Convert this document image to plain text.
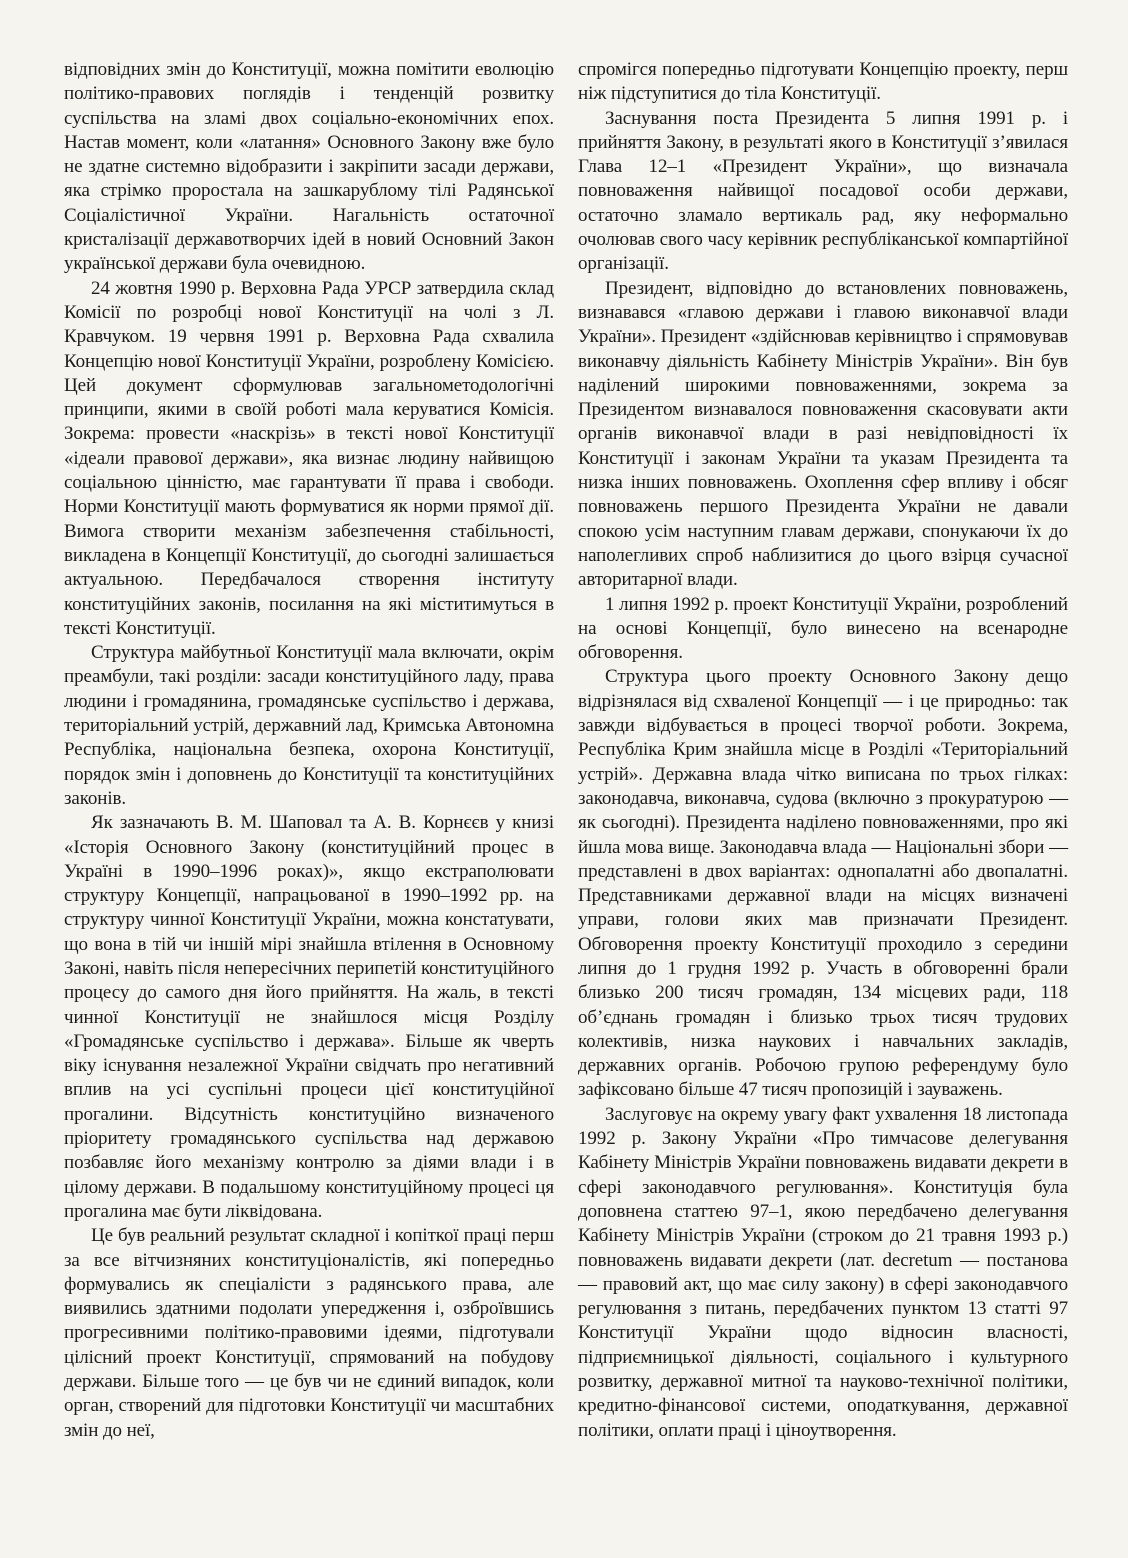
відповідних змін до Конституції, можна помітити еволюцію політико-правових поглядів і тенденцій розвитку суспільства на зламі двох соціально-економічних епох. Настав момент, коли «латання» Основного Закону вже було не здатне системно відобразити і закріпити засади держави, яка стрімко проростала на зашкарублому тілі Радянської Соціалістичної України. Нагальність остаточної кристалізації державотворчих ідей в новий Основний Закон української держави була очевидною.

24 жовтня 1990 р. Верховна Рада УРСР затвердила склад Комісії по розробці нової Конституції на чолі з Л. Кравчуком. 19 червня 1991 р. Верховна Рада схвалила Концепцію нової Конституції України, розроблену Комісією. Цей документ сформулював загальнометодологічні принципи, якими в своїй роботі мала керуватися Комісія. Зокрема: провести «наскрізь» в тексті нової Конституції «ідеали правової держави», яка визнає людину найвищою соціальною цінністю, має гарантувати її права і свободи. Норми Конституції мають формуватися як норми прямої дії. Вимога створити механізм забезпечення стабільності, викладена в Концепції Конституції, до сьогодні залишається актуальною. Передбачалося створення інституту конституційних законів, посилання на які міститимуться в тексті Конституції.

Структура майбутньої Конституції мала включати, окрім преамбули, такі розділи: засади конституційного ладу, права людини і громадянина, громадянське суспільство і держава, територіальний устрій, державний лад, Кримська Автономна Республіка, національна безпека, охорона Конституції, порядок змін і доповнень до Конституції та конституційних законів.

Як зазначають В. М. Шаповал та А. В. Корнєєв у книзі «Історія Основного Закону (конституційний процес в Україні в 1990–1996 роках)», якщо екстраполювати структуру Концепції, напрацьованої в 1990–1992 рр. на структуру чинної Конституції України, можна констатувати, що вона в тій чи іншій мірі знайшла втілення в Основному Законі, навіть після непересічних перипетій конституційного процесу до самого дня його прийняття. На жаль, в тексті чинної Конституції не знайшлося місця Розділу «Громадянське суспільство і держава». Більше як чверть віку існування незалежної України свідчать про негативний вплив на усі суспільні процеси цієї конституційної прогалини. Відсутність конституційно визначеного пріоритету громадянського суспільства над державою позбавляє його механізму контролю за діями влади і в цілому держави. В подальшому конституційному процесі ця прогалина має бути ліквідована.

Це був реальний результат складної і копіткої праці перш за все вітчизняних конституціоналістів, які попередньо формувались як спеціалісти з радянського права, але виявились здатними подолати упередження і, озброївшись прогресивними політико-правовими ідеями, підготували цілісний проект Конституції, спрямований на побудову держави. Більше того — це був чи не єдиний випадок, коли орган, створений для підготовки Конституції чи масштабних змін до неї,

спромігся попередньо підготувати Концепцію проекту, перш ніж підступитися до тіла Конституції.

Заснування поста Президента 5 липня 1991 р. і прийняття Закону, в результаті якого в Конституції з’явилася Глава 12–1 «Президент України», що визначала повноваження найвищої посадової особи держави, остаточно зламало вертикаль рад, яку неформально очолював свого часу керівник республіканської компартійної організації.

Президент, відповідно до встановлених повноважень, визнавався «главою держави і главою виконавчої влади України». Президент «здійснював керівництво і спрямовував виконавчу діяльність Кабінету Міністрів України». Він був наділений широкими повноваженнями, зокрема за Президентом визнавалося повноваження скасовувати акти органів виконавчої влади в разі невідповідності їх Конституції і законам України та указам Президента та низка інших повноважень. Охоплення сфер впливу і обсяг повноважень першого Президента України не давали спокою усім наступним главам держави, спонукаючи їх до наполегливих спроб наблизитися до цього взірця сучасної авторитарної влади.

1 липня 1992 р. проект Конституції України, розроблений на основі Концепції, було винесено на всенародне обговорення.

Структура цього проекту Основного Закону дещо відрізнялася від схваленої Концепції — і це природньо: так завжди відбувається в процесі творчої роботи. Зокрема, Республіка Крим знайшла місце в Розділі «Територіальний устрій». Державна влада чітко виписана по трьох гілках: законодавча, виконавча, судова (включно з прокуратурою — як сьогодні). Президента наділено повноваженнями, про які йшла мова вище. Законодавча влада — Національні збори — представлені в двох варіантах: однопалатні або двопалатні. Представниками державної влади на місцях визначені управи, голови яких мав призначати Президент. Обговорення проекту Конституції проходило з середини липня до 1 грудня 1992 р. Участь в обговоренні брали близько 200 тисяч громадян, 134 місцевих ради, 118 об’єднань громадян і близько трьох тисяч трудових колективів, низка наукових і навчальних закладів, державних органів. Робочою групою референдуму було зафіксовано більше 47 тисяч пропозицій і зауважень.

Заслуговує на окрему увагу факт ухвалення 18 листопада 1992 р. Закону України «Про тимчасове делегування Кабінету Міністрів України повноважень видавати декрети в сфері законодавчого регулювання». Конституція була доповнена статтею 97–1, якою передбачено делегування Кабінету Міністрів України (строком до 21 травня 1993 р.) повноважень видавати декрети (лат. decretum — постанова — правовий акт, що має силу закону) в сфері законодавчого регулювання з питань, передбачених пунктом 13 статті 97 Конституції України щодо відносин власності, підприємницької діяльності, соціального і культурного розвитку, державної митної та науково-технічної політики, кредитно-фінансової системи, оподаткування, державної політики, оплати праці і ціноутворення.
